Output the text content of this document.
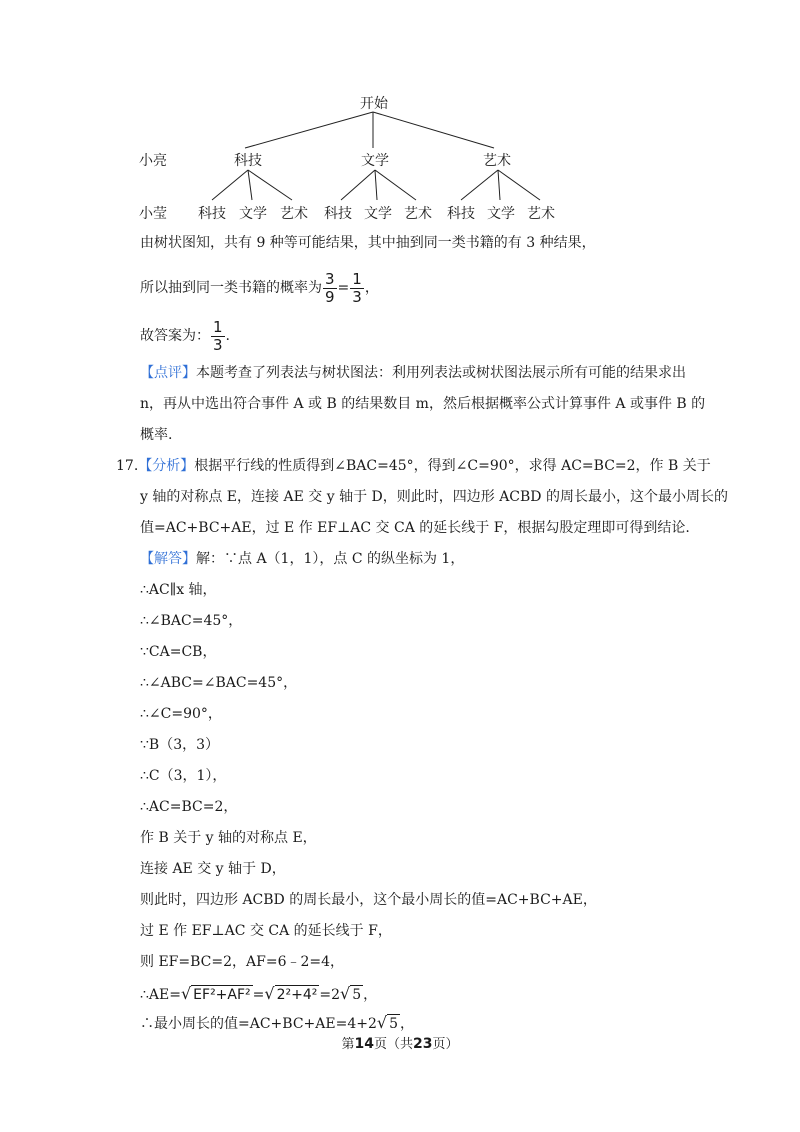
开始
小亮
小莹
科技	文学	艺术
科技 文学 艺术 科技 文学 艺术 科技 文学 艺术
由树状图知，共有 9 种等可能结果，其中抽到同一类书籍的有 3 种结果，
所以抽到同一类书籍的概率为 $\frac{3}{9} = \frac{1}{3}$ ，
故答案为： $\frac{1}{3}$ .
【点评】本题考查了列表法与树状图法：利用列表法或树状图法展示所有可能的结果求出
n，再从中选出符合事件 A 或 B 的结果数目 m，然后根据概率公式计算事件 A 或事件 B 的
概率.
17.【分析】根据平行线的性质得到∠BAC=45°，得到∠C=90°，求得 AC=BC=2，作 B 关于
y 轴的对称点 E，连接 AE 交 y 轴于 D，则此时，四边形 ACBD 的周长最小，这个最小周长的
值=AC+BC+AE，过 E 作 EF⊥AC 交 CA 的延长线于 F，根据勾股定理即可得到结论.
【解答】解：∵点 A（1，1），点 C 的纵坐标为 1，
∴AC∥x 轴，
∴∠BAC=45°，
∵CA=CB，
∴∠ABC=∠BAC=45°，
∴∠C=90°，
∵B（3，3）
∴C（3，1），
∴AC=BC=2，
作 B 关于 y 轴的对称点 E，
连接 AE 交 y 轴于 D，
则此时，四边形 ACBD 的周长最小，这个最小周长的值=AC+BC+AE，
过 E 作 EF⊥AC 交 CA 的延长线于 F，
则 EF=BC=2，AF=6﹣2=4，
∴AE=√ EF²+AF² =√ 2²+4² =2√ 5 ，
∴最小周长的值=AC+BC+AE=4+2√ 5 ，
第14页（共23页）
